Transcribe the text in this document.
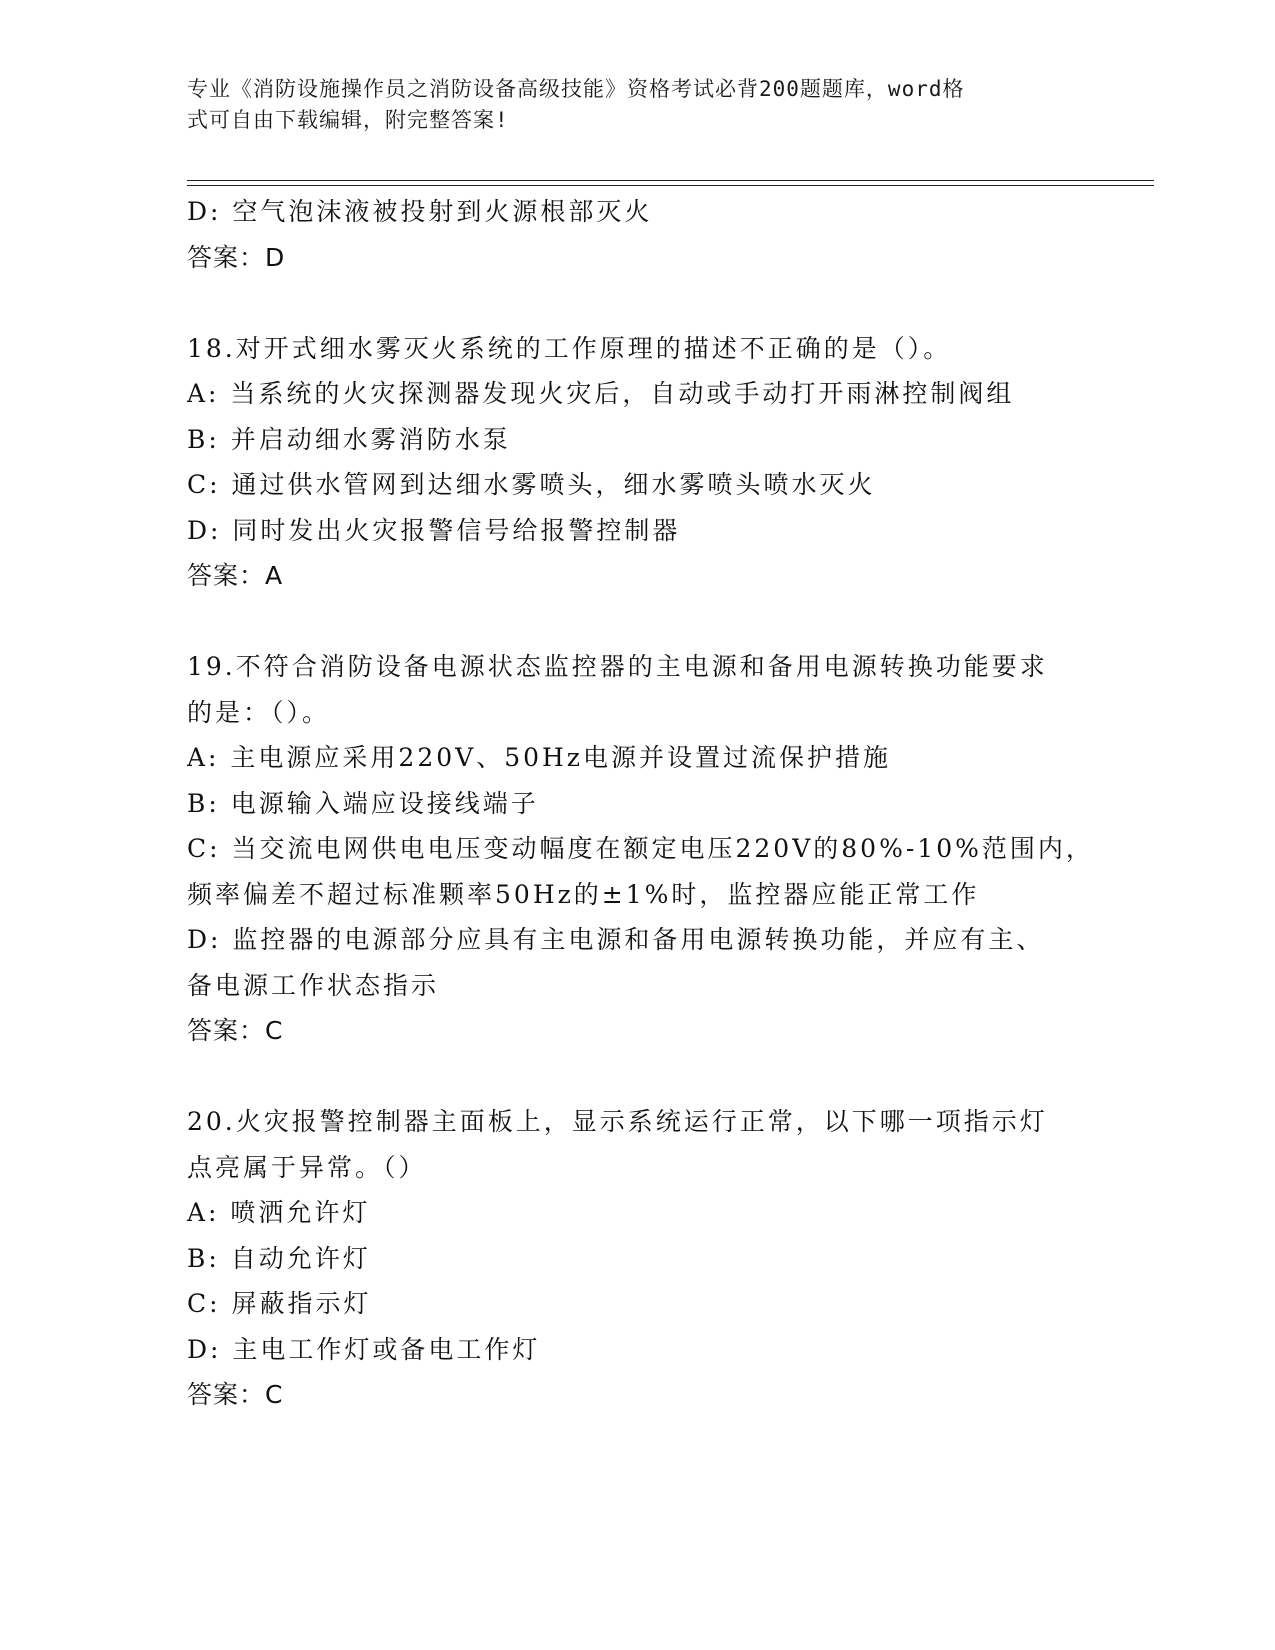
专业《消防设施操作员之消防设备高级技能》资格考试必背200题题库，word格
式可自由下载编辑，附完整答案!
D: 空气泡沫液被投射到火源根部灭火
答案：D
18.对开式细水雾灭火系统的工作原理的描述不正确的是（）。
A: 当系统的火灾探测器发现火灾后，自动或手动打开雨淋控制阀组
B: 并启动细水雾消防水泵
C: 通过供水管网到达细水雾喷头，细水雾喷头喷水灭火
D: 同时发出火灾报警信号给报警控制器
答案：A
19.不符合消防设备电源状态监控器的主电源和备用电源转换功能要求
的是：（）。
A: 主电源应采用220V、50Hz电源并设置过流保护措施
B: 电源输入端应设接线端子
C: 当交流电网供电电压变动幅度在额定电压220V的80%-10%范围内，
频率偏差不超过标准颗率50Hz的±1%时，监控器应能正常工作
D: 监控器的电源部分应具有主电源和备用电源转换功能，并应有主、
备电源工作状态指示
答案：C
20.火灾报警控制器主面板上，显示系统运行正常，以下哪一项指示灯
点亮属于异常。（）
A: 喷洒允许灯
B: 自动允许灯
C: 屏蔽指示灯
D: 主电工作灯或备电工作灯
答案：C
